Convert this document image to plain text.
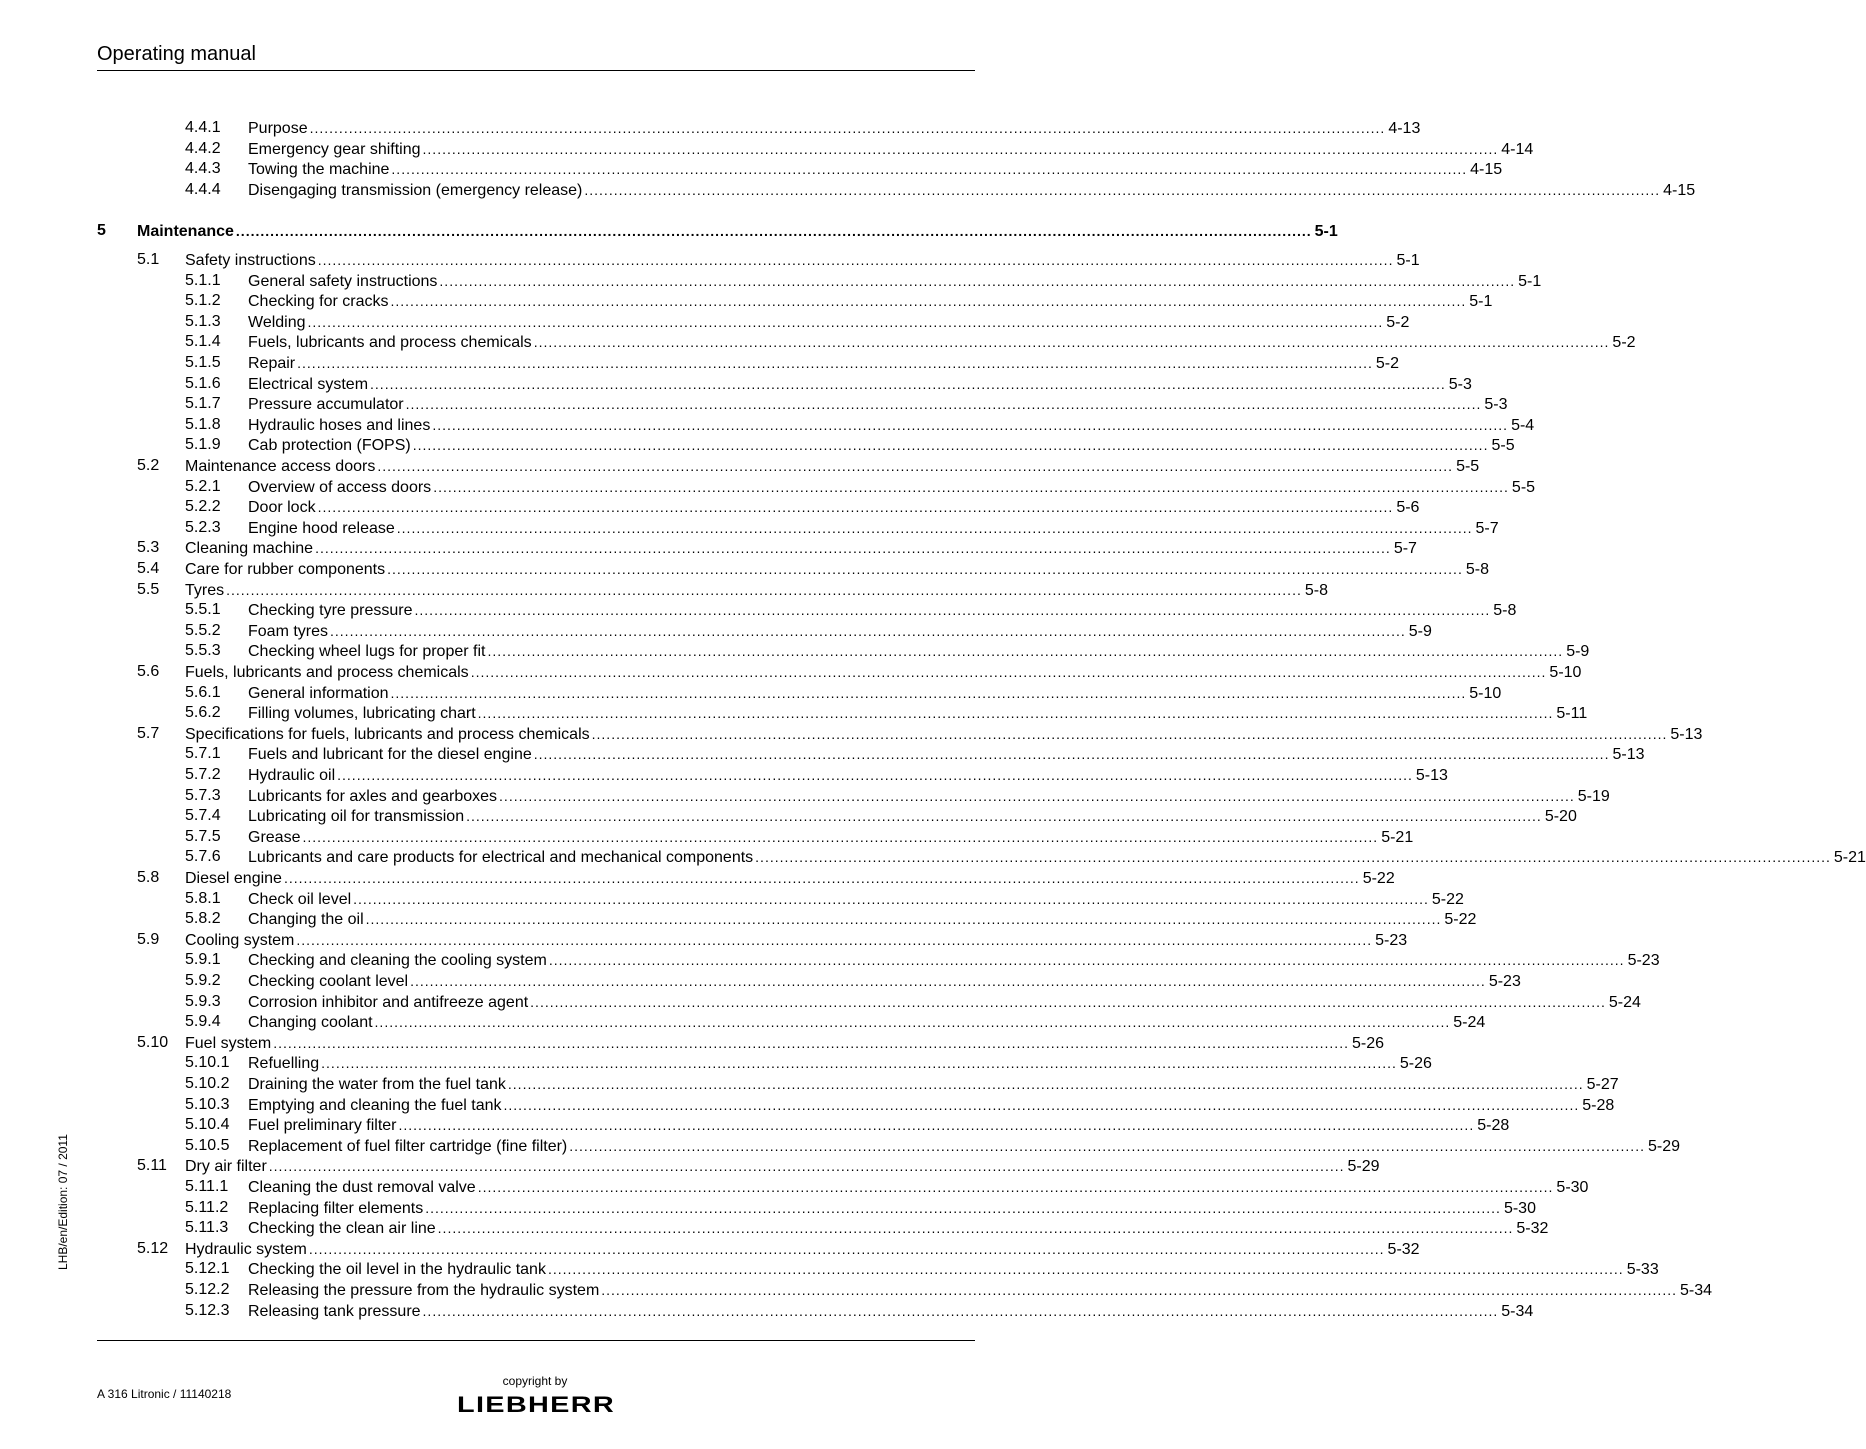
Operating manual
LHB/en/Edition: 07 / 2011
4.4.1 Purpose ............................................................................................................................................................................................................................ 4-13
4.4.2 Emergency gear shifting ............................................................................................................................................................................................................................ 4-14
4.4.3 Towing the machine ............................................................................................................................................................................................................................ 4-15
4.4.4 Disengaging transmission (emergency release) ............................................................................................................................................................................................................................ 4-15
5 Maintenance ............................................................................................................................................................................................................................ 5-1
5.1 Safety instructions ............................................................................................................................................................................................................................ 5-1
5.1.1 General safety instructions ............................................................................................................................................................................................................................ 5-1
5.1.2 Checking for cracks ............................................................................................................................................................................................................................ 5-1
5.1.3 Welding ............................................................................................................................................................................................................................ 5-2
5.1.4 Fuels, lubricants and process chemicals ............................................................................................................................................................................................................................ 5-2
5.1.5 Repair ............................................................................................................................................................................................................................ 5-2
5.1.6 Electrical system ............................................................................................................................................................................................................................ 5-3
5.1.7 Pressure accumulator ............................................................................................................................................................................................................................ 5-3
5.1.8 Hydraulic hoses and lines ............................................................................................................................................................................................................................ 5-4
5.1.9 Cab protection (FOPS) ............................................................................................................................................................................................................................ 5-5
5.2 Maintenance access doors ............................................................................................................................................................................................................................ 5-5
5.2.1 Overview of access doors ............................................................................................................................................................................................................................ 5-5
5.2.2 Door lock ............................................................................................................................................................................................................................ 5-6
5.2.3 Engine hood release ............................................................................................................................................................................................................................ 5-7
5.3 Cleaning machine ............................................................................................................................................................................................................................ 5-7
5.4 Care for rubber components ............................................................................................................................................................................................................................ 5-8
5.5 Tyres ............................................................................................................................................................................................................................ 5-8
5.5.1 Checking tyre pressure ............................................................................................................................................................................................................................ 5-8
5.5.2 Foam tyres ............................................................................................................................................................................................................................ 5-9
5.5.3 Checking wheel lugs for proper fit ............................................................................................................................................................................................................................ 5-9
5.6 Fuels, lubricants and process chemicals ............................................................................................................................................................................................................................ 5-10
5.6.1 General information ............................................................................................................................................................................................................................ 5-10
5.6.2 Filling volumes, lubricating chart ............................................................................................................................................................................................................................ 5-11
5.7 Specifications for fuels, lubricants and process chemicals ............................................................................................................................................................................................................................ 5-13
5.7.1 Fuels and lubricant for the diesel engine ............................................................................................................................................................................................................................ 5-13
5.7.2 Hydraulic oil ............................................................................................................................................................................................................................ 5-13
5.7.3 Lubricants for axles and gearboxes ............................................................................................................................................................................................................................ 5-19
5.7.4 Lubricating oil for transmission ............................................................................................................................................................................................................................ 5-20
5.7.5 Grease ............................................................................................................................................................................................................................ 5-21
5.7.6 Lubricants and care products for electrical and mechanical components ............................................................................................................................................................................................................................ 5-21
5.8 Diesel engine ............................................................................................................................................................................................................................ 5-22
5.8.1 Check oil level ............................................................................................................................................................................................................................ 5-22
5.8.2 Changing the oil ............................................................................................................................................................................................................................ 5-22
5.9 Cooling system ............................................................................................................................................................................................................................ 5-23
5.9.1 Checking and cleaning the cooling system ............................................................................................................................................................................................................................ 5-23
5.9.2 Checking coolant level ............................................................................................................................................................................................................................ 5-23
5.9.3 Corrosion inhibitor and antifreeze agent ............................................................................................................................................................................................................................ 5-24
5.9.4 Changing coolant ............................................................................................................................................................................................................................ 5-24
5.10 Fuel system ............................................................................................................................................................................................................................ 5-26
5.10.1 Refuelling ............................................................................................................................................................................................................................ 5-26
5.10.2 Draining the water from the fuel tank ............................................................................................................................................................................................................................ 5-27
5.10.3 Emptying and cleaning the fuel tank ............................................................................................................................................................................................................................ 5-28
5.10.4 Fuel preliminary filter ............................................................................................................................................................................................................................ 5-28
5.10.5 Replacement of fuel filter cartridge (fine filter) ............................................................................................................................................................................................................................ 5-29
5.11 Dry air filter ............................................................................................................................................................................................................................ 5-29
5.11.1 Cleaning the dust removal valve ............................................................................................................................................................................................................................ 5-30
5.11.2 Replacing filter elements ............................................................................................................................................................................................................................ 5-30
5.11.3 Checking the clean air line ............................................................................................................................................................................................................................ 5-32
5.12 Hydraulic system ............................................................................................................................................................................................................................ 5-32
5.12.1 Checking the oil level in the hydraulic tank ............................................................................................................................................................................................................................ 5-33
5.12.2 Releasing the pressure from the hydraulic system ............................................................................................................................................................................................................................ 5-34
5.12.3 Releasing tank pressure ............................................................................................................................................................................................................................ 5-34
A 316 Litronic / 11140218
copyright by
LIEBHERR
